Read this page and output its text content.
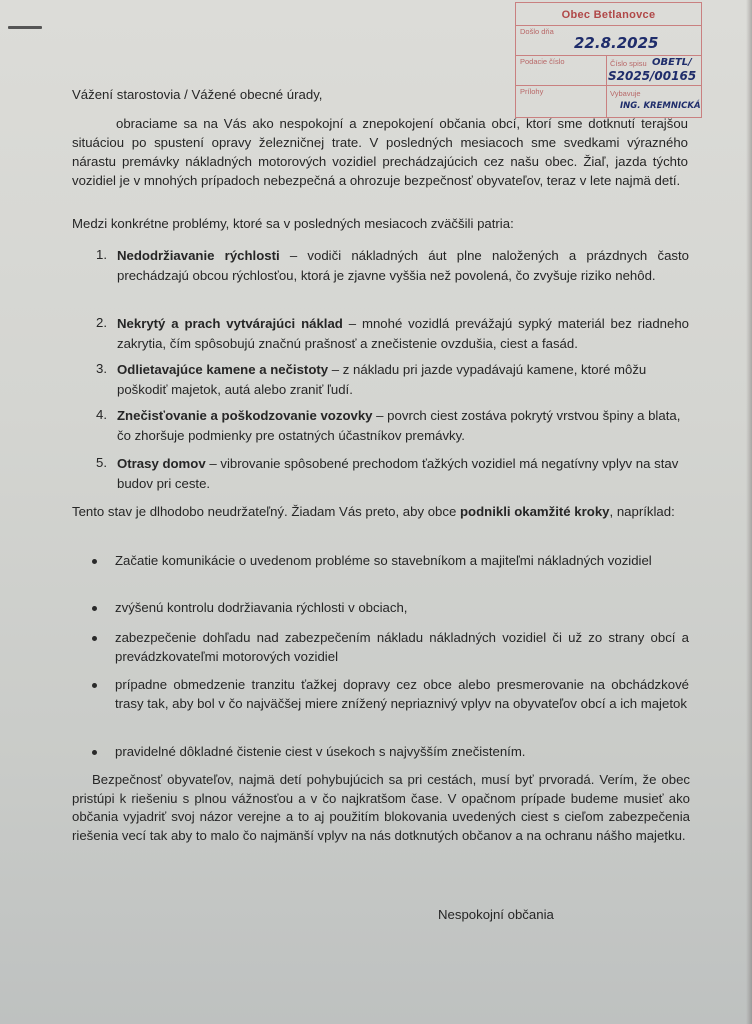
Obec Betlanovce
Došlo dňa
22.8.2025
Podacie číslo	Číslo spisu OBETL/
S2025/00165
Prílohy	Vybavuje
ING. KREMNICKÁ
Vážení starostovia / Vážené obecné úrady,
obraciame sa na Vás ako nespokojní a znepokojení občania obcí, ktorí sme dotknutí terajšou situáciou po spustení opravy železničnej trate. V posledných mesiacoch sme svedkami výrazného nárastu premávky nákladných motorových vozidiel prechádzajúcich cez našu obec. Žiaľ, jazda týchto vozidiel je v mnohých prípadoch nebezpečná a ohrozuje bezpečnosť obyvateľov, teraz v lete najmä detí.
Medzi konkrétne problémy, ktoré sa v posledných mesiacoch zväčšili patria:
1. Nedodržiavanie rýchlosti – vodiči nákladných áut plne naložených a prázdnych často prechádzajú obcou rýchlosťou, ktorá je zjavne vyššia než povolená, čo zvyšuje riziko nehôd.
2. Nekrytý a prach vytvárajúci náklad – mnohé vozidlá prevážajú sypký materiál bez riadneho zakrytia, čím spôsobujú značnú prašnosť a znečistenie ovzdušia, ciest a fasád.
3. Odlietavajúce kamene a nečistoty – z nákladu pri jazde vypadávajú kamene, ktoré môžu poškodiť majetok, autá alebo zraniť ľudí.
4. Znečisťovanie a poškodzovanie vozovky – povrch ciest zostáva pokrytý vrstvou špiny a blata, čo zhoršuje podmienky pre ostatných účastníkov premávky.
5. Otrasy domov – vibrovanie spôsobené prechodom ťažkých vozidiel má negatívny vplyv na stav budov pri ceste.
Tento stav je dlhodobo neudržateľný. Žiadam Vás preto, aby obce podnikli okamžité kroky, napríklad:
Začatie komunikácie o uvedenom probléme so stavebníkom a majiteľmi nákladných vozidiel
zvýšenú kontrolu dodržiavania rýchlosti v obciach,
zabezpečenie dohľadu nad zabezpečením nákladu nákladných vozidiel či už zo strany obcí a prevádzkovateľmi motorových vozidiel
prípadne obmedzenie tranzitu ťažkej dopravy cez obce alebo presmerovanie na obchádzkové trasy tak, aby bol v čo najväčšej miere znížený nepriaznivý vplyv na obyvateľov obcí a ich majetok
pravidelné dôkladné čistenie ciest v úsekoch s najvyšším znečistením.
Bezpečnosť obyvateľov, najmä detí pohybujúcich sa pri cestách, musí byť prvoradá. Verím, že obec pristúpi k riešeniu s plnou vážnosťou a v čo najkratšom čase. V opačnom prípade budeme musieť ako občania vyjadriť svoj názor verejne a to aj použitím blokovania uvedených ciest s cieľom zabezpečenia riešenia vecí tak aby to malo čo najmänší vplyv na nás dotknutých občanov a na ochranu nášho majetku.
Nespokojní občania
